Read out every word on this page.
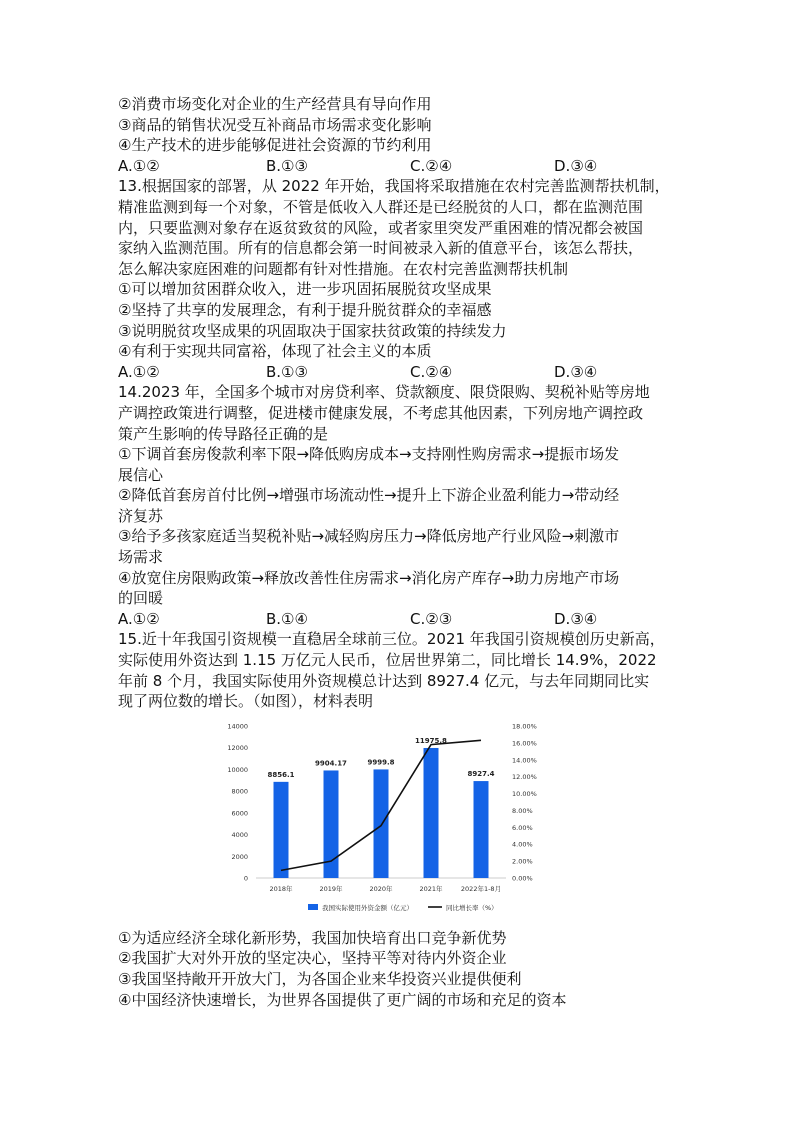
②消费市场变化对企业的生产经营具有导向作用
③商品的销售状况受互补商品市场需求变化影响
④生产技术的进步能够促进社会资源的节约利用
A.①②	B.①③	C.②④	D.③④
13.根据国家的部署，从 2022 年开始，我国将采取措施在农村完善监测帮扶机制，
精准监测到每一个对象，不管是低收入人群还是已经脱贫的人口，都在监测范围
内，只要监测对象存在返贫致贫的风险，或者家里突发严重困难的情况都会被国
家纳入监测范围。所有的信息都会第一时间被录入新的值意平台，该怎么帮扶，
怎么解决家庭困难的问题都有针对性措施。在农村完善监测帮扶机制
①可以增加贫困群众收入，进一步巩固拓展脱贫攻坚成果
②坚持了共享的发展理念，有利于提升脱贫群众的幸福感
③说明脱贫攻坚成果的巩固取决于国家扶贫政策的持续发力
④有利于实现共同富裕，体现了社会主义的本质
A.①②	B.①③	C.②④	D.③④
14.2023 年，全国多个城市对房贷利率、贷款额度、限贷限购、契税补贴等房地
产调控政策进行调整，促进楼市健康发展，不考虑其他因素，下列房地产调控政
策产生影响的传导路径正确的是
①下调首套房俊款利率下限→降低购房成本→支持刚性购房需求→提振市场发
展信心
②降低首套房首付比例→增强市场流动性→提升上下游企业盈利能力→带动经
济复苏
③给予多孩家庭适当契税补贴→减轻购房压力→降低房地产行业风险→刺激市
场需求
④放宽住房限购政策→释放改善性住房需求→消化房产库存→助力房地产市场
的回暖
A.①②	B.①④	C.②③	D.③④
15.近十年我国引资规模一直稳居全球前三位。2021 年我国引资规模创历史新高，
实际使用外资达到 1.15 万亿元人民币，位居世界第二，同比增长 14.9%，2022
年前 8 个月，我国实际使用外资规模总计达到 8927.4 亿元，与去年同期同比实
现了两位数的增长。（如图），材料表明
0
2000
4000
6000
8000
10000
12000
14000
0.00%
2.00%
4.00%
6.00%
8.00%
10.00%
12.00%
14.00%
16.00%
18.00%
8856.1
2018年
9904.17
2019年
9999.8
2020年
11975.8
2021年
8927.4
2022年1-8月
我国实际使用外资金额（亿元）	同比增长率（%）
①为适应经济全球化新形势，我国加快培育出口竞争新优势
②我国扩大对外开放的坚定决心，坚持平等对待内外资企业
③我国坚持敞开开放大门，为各国企业来华投资兴业提供便利
④中国经济快速增长，为世界各国提供了更广阔的市场和充足的资本
